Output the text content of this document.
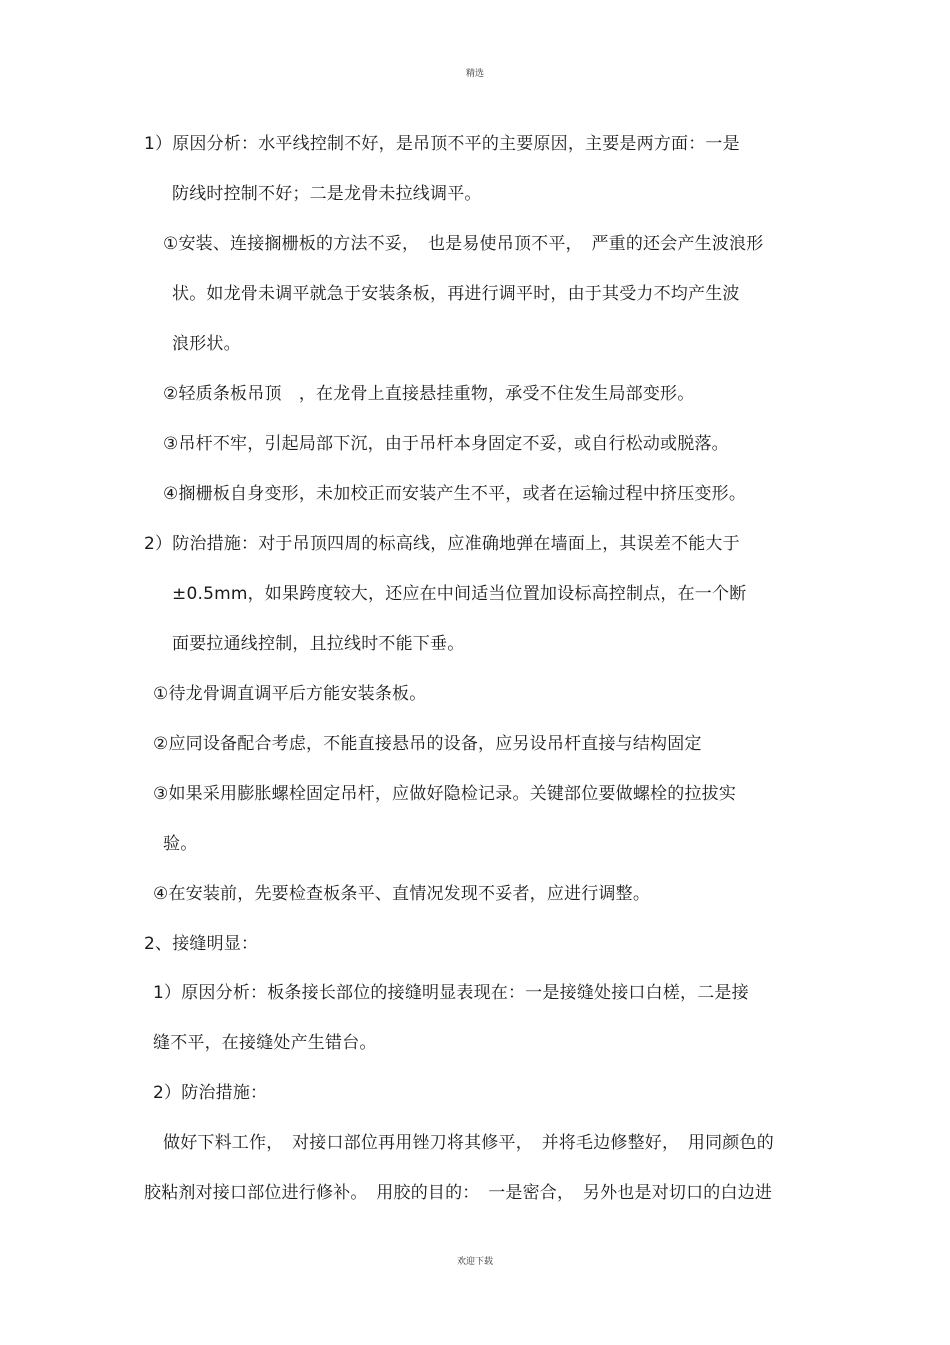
精选
1）原因分析：水平线控制不好，是吊顶不平的主要原因，主要是两方面：一是
防线时控制不好；二是龙骨未拉线调平。
①安装、连接搁栅板的方法不妥，　也是易使吊顶不平，　严重的还会产生波浪形
状。如龙骨未调平就急于安装条板，再进行调平时，由于其受力不均产生波
浪形状。
②轻质条板吊顶　，在龙骨上直接悬挂重物，承受不住发生局部变形。
③吊杆不牢，引起局部下沉，由于吊杆本身固定不妥，或自行松动或脱落。
④搁栅板自身变形，未加校正而安装产生不平，或者在运输过程中挤压变形。
2）防治措施：对于吊顶四周的标高线，应准确地弹在墙面上，其误差不能大于
±0.5mm，如果跨度较大，还应在中间适当位置加设标高控制点，在一个断
面要拉通线控制，且拉线时不能下垂。
①待龙骨调直调平后方能安装条板。
②应同设备配合考虑，不能直接悬吊的设备，应另设吊杆直接与结构固定
③如果采用膨胀螺栓固定吊杆，应做好隐检记录。关键部位要做螺栓的拉拔实
验。
④在安装前，先要检查板条平、直情况发现不妥者，应进行调整。
2、接缝明显：
1）原因分析：板条接长部位的接缝明显表现在：一是接缝处接口白槎，二是接
缝不平，在接缝处产生错台。
2）防治措施：
做好下料工作，　对接口部位再用锉刀将其修平，　并将毛边修整好，　用同颜色的
胶粘剂对接口部位进行修补。　用胶的目的：　一是密合，　另外也是对切口的白边进
欢迎下载
